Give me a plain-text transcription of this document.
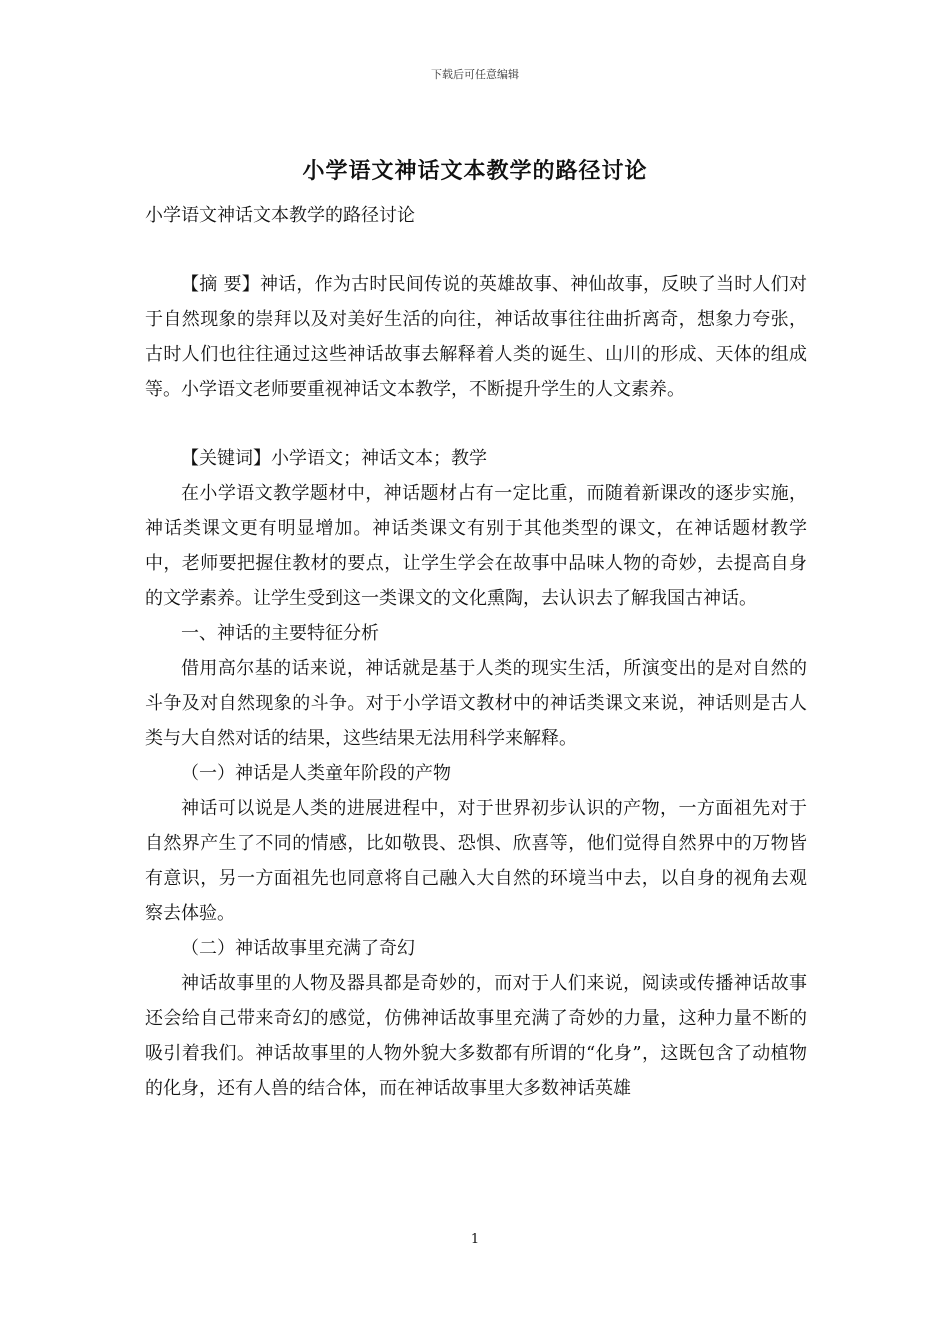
下载后可任意编辑
小学语文神话文本教学的路径讨论

小学语文神话文本教学的路径讨论

【摘 要】神话，作为古时民间传说的英雄故事、神仙故事，反映了当时人们对于自然现象的崇拜以及对美好生活的向往，神话故事往往曲折离奇，想象力夸张，古时人们也往往通过这些神话故事去解释着人类的诞生、山川的形成、天体的组成等。小学语文老师要重视神话文本教学，不断提升学生的人文素养。

【关键词】小学语文；神话文本；教学

在小学语文教学题材中，神话题材占有一定比重，而随着新课改的逐步实施，神话类课文更有明显增加。神话类课文有别于其他类型的课文，在神话题材教学中，老师要把握住教材的要点，让学生学会在故事中品味人物的奇妙，去提高自身的文学素养。让学生受到这一类课文的文化熏陶，去认识去了解我国古神话。

一、神话的主要特征分析

借用高尔基的话来说，神话就是基于人类的现实生活，所演变出的是对自然的斗争及对自然现象的斗争。对于小学语文教材中的神话类课文来说，神话则是古人类与大自然对话的结果，这些结果无法用科学来解释。

（一）神话是人类童年阶段的产物

神话可以说是人类的进展进程中，对于世界初步认识的产物，一方面祖先对于自然界产生了不同的情感，比如敬畏、恐惧、欣喜等，他们觉得自然界中的万物皆有意识，另一方面祖先也同意将自己融入大自然的环境当中去，以自身的视角去观察去体验。

（二）神话故事里充满了奇幻

神话故事里的人物及器具都是奇妙的，而对于人们来说，阅读或传播神话故事还会给自己带来奇幻的感觉，仿佛神话故事里充满了奇妙的力量，这种力量不断的吸引着我们。神话故事里的人物外貌大多数都有所谓的“化身”，这既包含了动植物的化身，还有人兽的结合体，而在神话故事里大多数神话英雄

1
